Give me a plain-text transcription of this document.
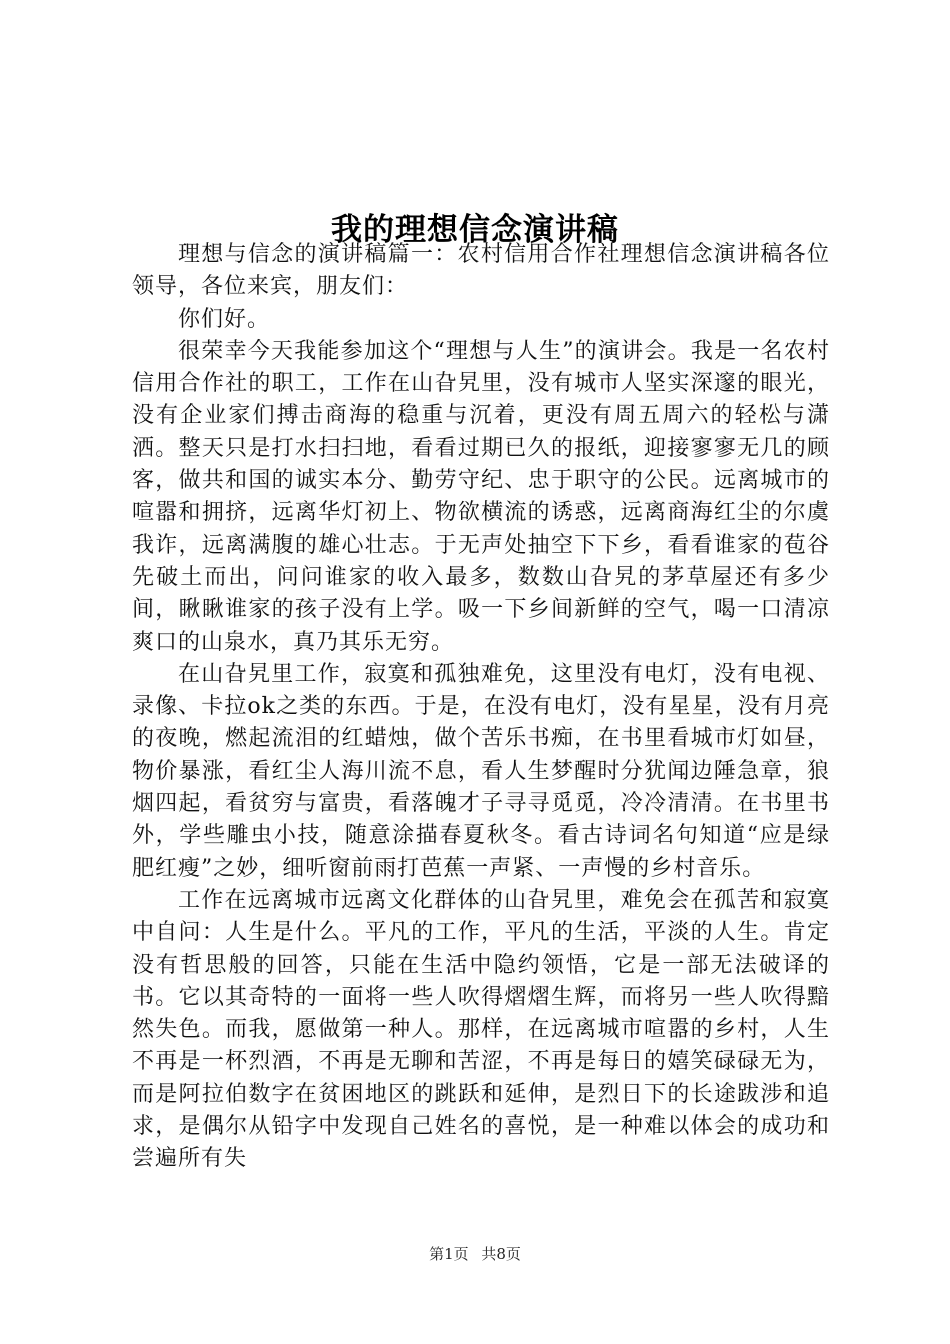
我的理想信念演讲稿

理想与信念的演讲稿篇一：农村信用合作社理想信念演讲稿各位领导，各位来宾，朋友们：

你们好。

很荣幸今天我能参加这个“理想与人生”的演讲会。我是一名农村信用合作社的职工，工作在山旮旯里，没有城市人坚实深邃的眼光，没有企业家们搏击商海的稳重与沉着，更没有周五周六的轻松与潇洒。整天只是打水扫扫地，看看过期已久的报纸，迎接寥寥无几的顾客，做共和国的诚实本分、勤劳守纪、忠于职守的公民。远离城市的喧嚣和拥挤，远离华灯初上、物欲横流的诱惑，远离商海红尘的尔虞我诈，远离满腹的雄心壮志。于无声处抽空下下乡，看看谁家的苞谷先破土而出，问问谁家的收入最多，数数山旮旯的茅草屋还有多少间，瞅瞅谁家的孩子没有上学。吸一下乡间新鲜的空气，喝一口清凉爽口的山泉水，真乃其乐无穷。

在山旮旯里工作，寂寞和孤独难免，这里没有电灯，没有电视、录像、卡拉ok之类的东西。于是，在没有电灯，没有星星，没有月亮的夜晚，燃起流泪的红蜡烛，做个苦乐书痴，在书里看城市灯如昼，物价暴涨，看红尘人海川流不息，看人生梦醒时分犹闻边陲急章，狼烟四起，看贫穷与富贵，看落魄才子寻寻觅觅，冷冷清清。在书里书外，学些雕虫小技，随意涂描春夏秋冬。看古诗词名句知道“应是绿肥红瘦”之妙，细听窗前雨打芭蕉一声紧、一声慢的乡村音乐。

工作在远离城市远离文化群体的山旮旯里，难免会在孤苦和寂寞中自问：人生是什么。平凡的工作，平凡的生活，平淡的人生。肯定没有哲思般的回答，只能在生活中隐约领悟，它是一部无法破译的书。它以其奇特的一面将一些人吹得熠熠生辉，而将另一些人吹得黯然失色。而我，愿做第一种人。那样，在远离城市喧嚣的乡村，人生不再是一杯烈酒，不再是无聊和苦涩，不再是每日的嬉笑碌碌无为，而是阿拉伯数字在贫困地区的跳跃和延伸，是烈日下的长途跋涉和追求，是偶尔从铅字中发现自己姓名的喜悦，是一种难以体会的成功和尝遍所有失

第1页 共8页
